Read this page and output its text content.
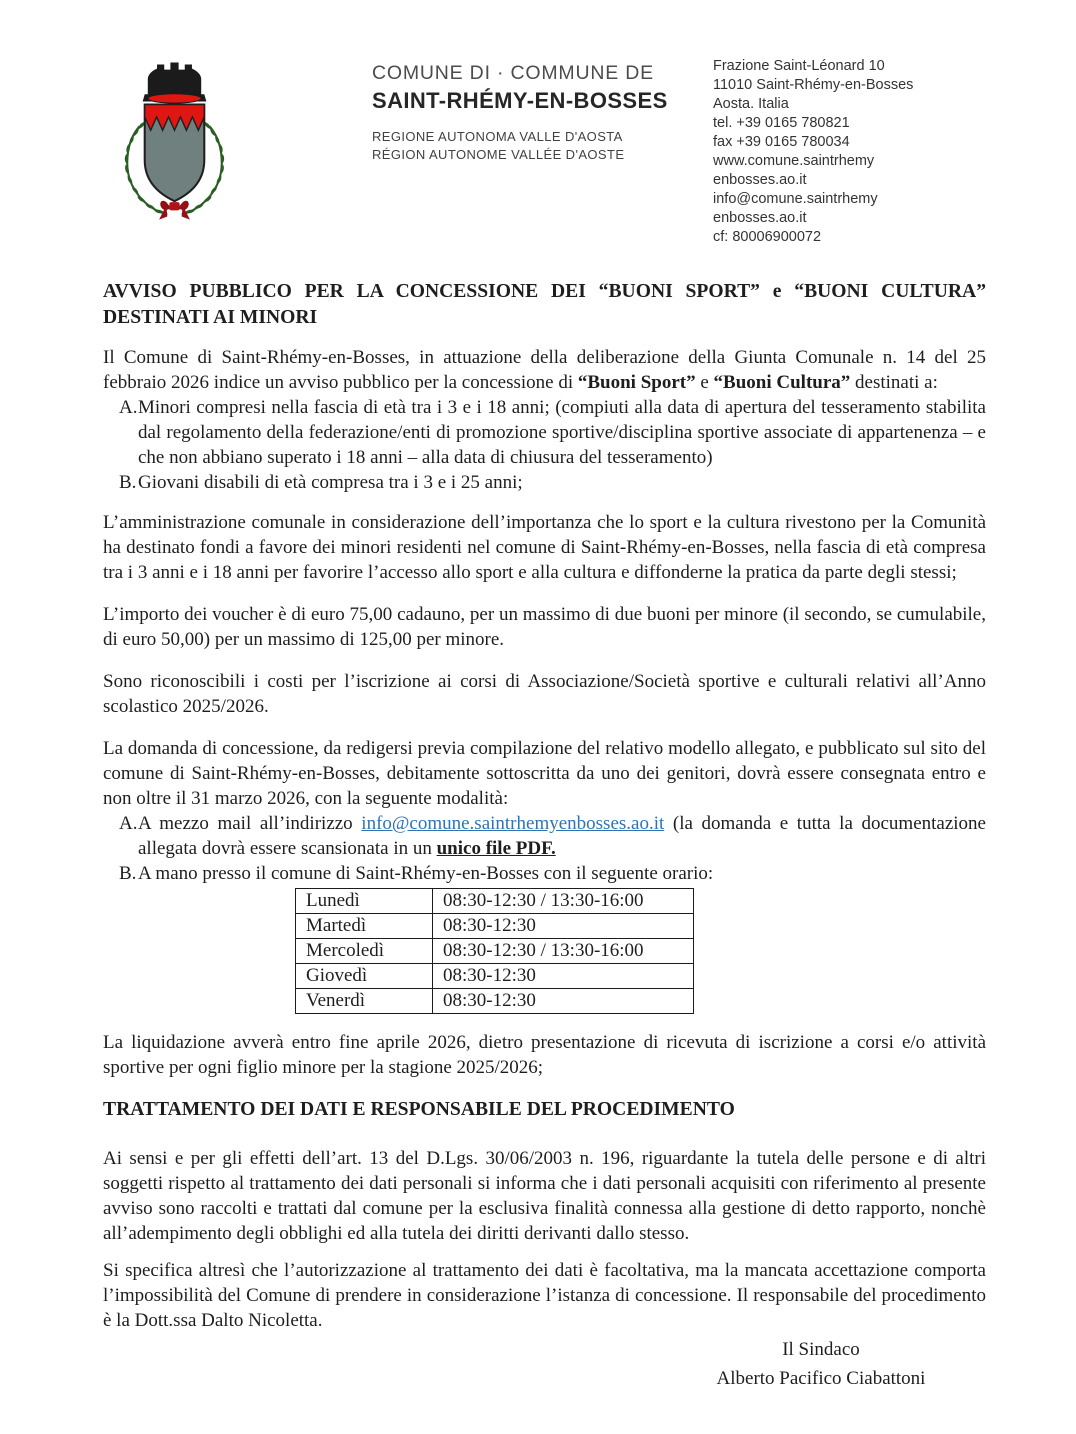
COMUNE DI · COMMUNE DE
SAINT-RHÉMY-EN-BOSSES
REGIONE AUTONOMA VALLE D'AOSTA
RÉGION AUTONOME VALLÉE D'AOSTE
Frazione Saint-Léonard 10
11010 Saint-Rhémy-en-Bosses
Aosta. Italia
tel. +39 0165 780821
fax +39 0165 780034
www.comune.saintrhemy
enbosses.ao.it
info@comune.saintrhemy
enbosses.ao.it
cf: 80006900072
AVVISO PUBBLICO PER LA CONCESSIONE DEI “BUONI SPORT” e “BUONI CULTURA”
DESTINATI AI MINORI

Il Comune di Saint-Rhémy-en-Bosses, in attuazione della deliberazione della Giunta Comunale n. 14 del 25 febbraio 2026 indice un avviso pubblico per la concessione di “Buoni Sport” e “Buoni Cultura” destinati a:

A. Minori compresi nella fascia di età tra i 3 e i 18 anni; (compiuti alla data di apertura del tesseramento stabilita dal regolamento della federazione/enti di promozione sportive/disciplina sportive associate di appartenenza – e che non abbiano superato i 18 anni – alla data di chiusura del tesseramento)
B. Giovani disabili di età compresa tra i 3 e i 25 anni;

L’amministrazione comunale in considerazione dell’importanza che lo sport e la cultura rivestono per la Comunità ha destinato fondi a favore dei minori residenti nel comune di Saint-Rhémy-en-Bosses, nella fascia di età compresa tra i 3 anni e i 18 anni per favorire l’accesso allo sport e alla cultura e diffonderne la pratica da parte degli stessi;

L’importo dei voucher è di euro 75,00 cadauno, per un massimo di due buoni per minore (il secondo, se cumulabile, di euro 50,00) per un massimo di 125,00 per minore.

Sono riconoscibili i costi per l’iscrizione ai corsi di Associazione/Società sportive e culturali relativi all’Anno scolastico 2025/2026.

La domanda di concessione, da redigersi previa compilazione del relativo modello allegato, e pubblicato sul sito del comune di Saint-Rhémy-en-Bosses, debitamente sottoscritta da uno dei genitori, dovrà essere consegnata entro e non oltre il 31 marzo 2026, con la seguente modalità:

A. A mezzo mail all’indirizzo info@comune.saintrhemyenbosses.ao.it (la domanda e tutta la documentazione allegata dovrà essere scansionata in un unico file PDF.
B. A mano presso il comune di Saint-Rhémy-en-Bosses con il seguente orario:
Lunedì	08:30-12:30 / 13:30-16:00
Martedì	08:30-12:30
Mercoledì	08:30-12:30 / 13:30-16:00
Giovedì	08:30-12:30
Venerdì	08:30-12:30

La liquidazione avverà entro fine aprile 2026, dietro presentazione di ricevuta di iscrizione a corsi e/o attività sportive per ogni figlio minore per la stagione 2025/2026;

TRATTAMENTO DEI DATI E RESPONSABILE DEL PROCEDIMENTO

Ai sensi e per gli effetti dell’art. 13 del D.Lgs. 30/06/2003 n. 196, riguardante la tutela delle persone e di altri soggetti rispetto al trattamento dei dati personali si informa che i dati personali acquisiti con riferimento al presente avviso sono raccolti e trattati dal comune per la esclusiva finalità connessa alla gestione di detto rapporto, nonchè all’adempimento degli obblighi ed alla tutela dei diritti derivanti dallo stesso.

Si specifica altresì che l’autorizzazione al trattamento dei dati è facoltativa, ma la mancata accettazione comporta l’impossibilità del Comune di prendere in considerazione l’istanza di concessione. Il responsabile del procedimento è la Dott.ssa Dalto Nicoletta.

Il Sindaco
Alberto Pacifico Ciabattoni
